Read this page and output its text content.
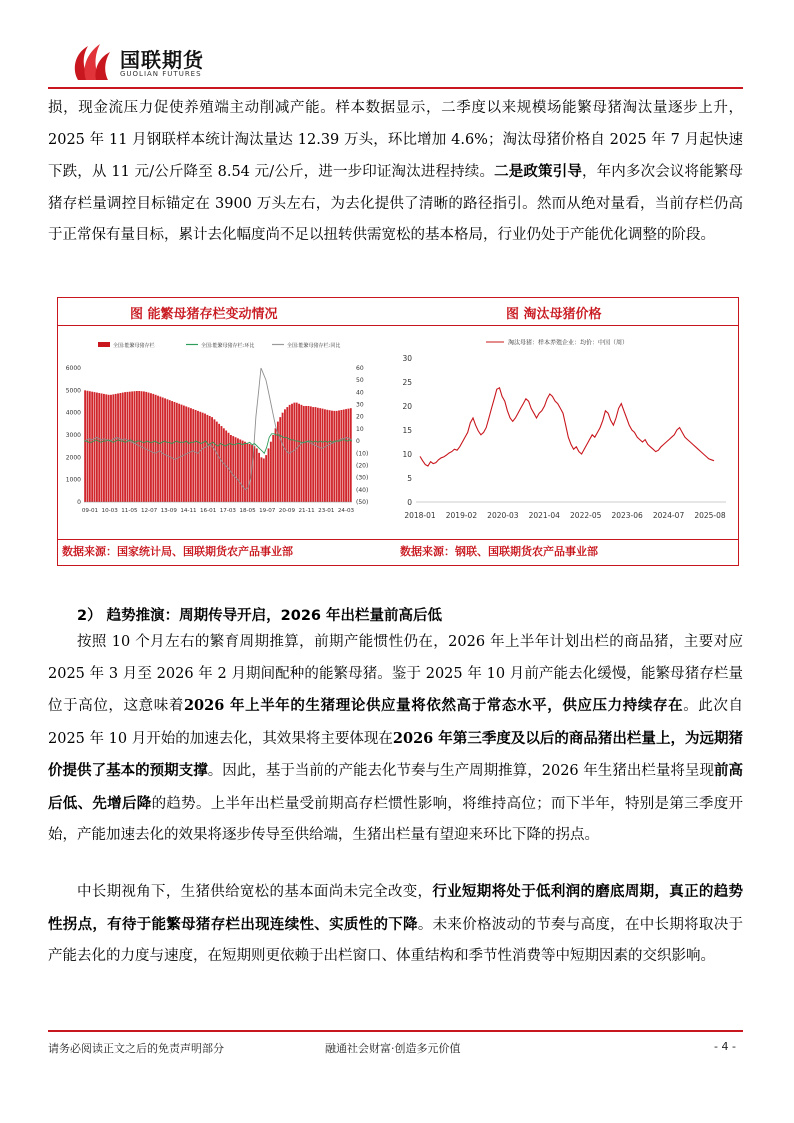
国联期货
GUOLIAN FUTURES

损，现金流压力促使养殖端主动削减产能。样本数据显示，二季度以来规模场能繁母猪淘汰量逐步上升，2025 年 11 月钢联样本统计淘汰量达 12.39 万头，环比增加 4.6%；淘汰母猪价格自 2025 年 7 月起快速下跌，从 11 元/公斤降至 8.54 元/公斤，进一步印证淘汰进程持续。二是政策引导，年内多次会议将能繁母猪存栏量调控目标锚定在 3900 万头左右，为去化提供了清晰的路径指引。然而从绝对量看，当前存栏仍高于正常保有量目标，累计去化幅度尚不足以扭转供需宽松的基本格局，行业仍处于产能优化调整的阶段。

图 能繁母猪存栏变动情况	图 淘汰母猪价格
数据来源：国家统计局、国联期货农产品事业部	数据来源：钢联、国联期货农产品事业部
全国:能繁母猪存栏	全国:能繁母猪存栏:环比	全国:能繁母猪存栏:同比
6000
5000
4000
3000
2000
1000
0
60
50
40
30
20
10
0
(10)
(20)
(30)
(40)
(50)
09-01 10-03 11-05 12-07 13-09 14-11 16-01 17-03 18-05 19-07 20-09 21-11 23-01 24-03
淘汰母猪：样本养殖企业：均价：中国（周）
30
25
20
15
10
5
0
2018-01 2019-02 2020-03 2021-04 2022-05 2023-06 2024-07 2025-08
2） 趋势推演：周期传导开启，2026 年出栏量前高后低

按照 10 个月左右的繁育周期推算，前期产能惯性仍在，2026 年上半年计划出栏的商品猪，主要对应 2025 年 3 月至 2026 年 2 月期间配种的能繁母猪。鉴于 2025 年 10 月前产能去化缓慢，能繁母猪存栏量位于高位，这意味着2026 年上半年的生猪理论供应量将依然高于常态水平，供应压力持续存在。此次自 2025 年 10 月开始的加速去化，其效果将主要体现在2026 年第三季度及以后的商品猪出栏量上，为远期猪价提供了基本的预期支撑。因此，基于当前的产能去化节奏与生产周期推算，2026 年生猪出栏量将呈现前高后低、先增后降的趋势。上半年出栏量受前期高存栏惯性影响，将维持高位；而下半年，特别是第三季度开始，产能加速去化的效果将逐步传导至供给端，生猪出栏量有望迎来环比下降的拐点。

中长期视角下，生猪供给宽松的基本面尚未完全改变，行业短期将处于低利润的磨底周期，真正的趋势性拐点，有待于能繁母猪存栏出现连续性、实质性的下降。未来价格波动的节奏与高度，在中长期将取决于产能去化的力度与速度，在短期则更依赖于出栏窗口、体重结构和季节性消费等中短期因素的交织影响。

请务必阅读正文之后的免责声明部分	融通社会财富·创造多元价值	- 4 -
